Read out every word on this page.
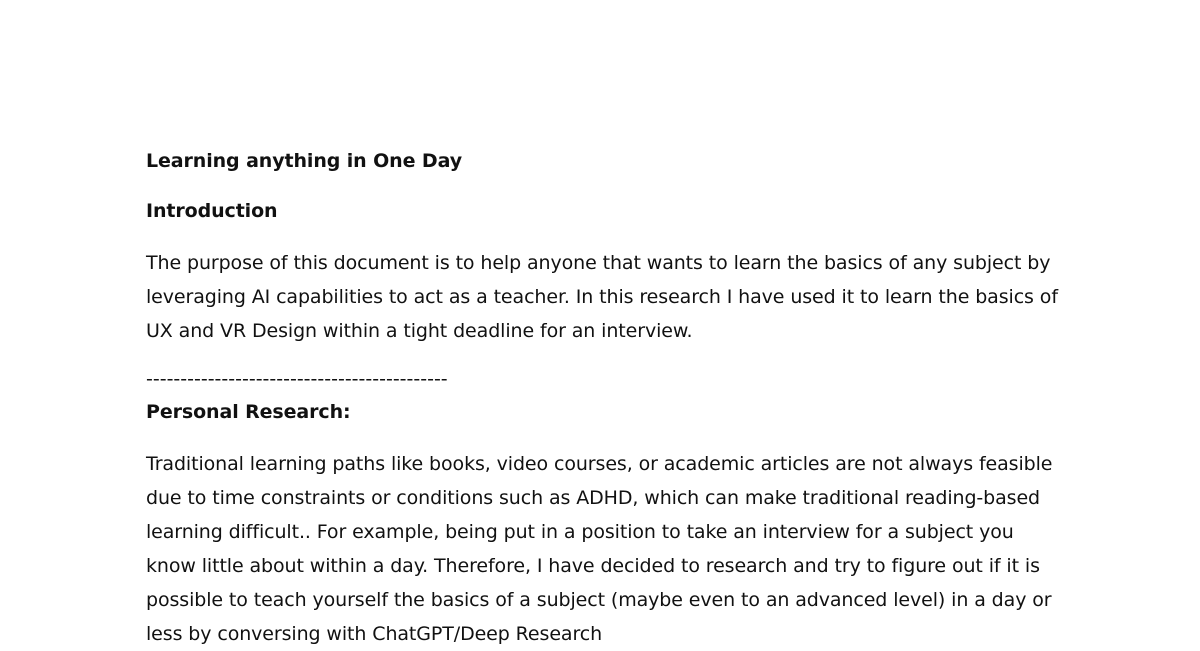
Learning anything in One Day

Introduction

The purpose of this document is to help anyone that wants to learn the basics of any subject by leveraging AI capabilities to act as a teacher. In this research I have used it to learn the basics of UX and VR Design within a tight deadline for an interview.

--------------------------------------------

Personal Research:

Traditional learning paths like books, video courses, or academic articles are not always feasible due to time constraints or conditions such as ADHD, which can make traditional reading-based learning difficult.. For example, being put in a position to take an interview for a subject you know little about within a day. Therefore, I have decided to research and try to figure out if it is possible to teach yourself the basics of a subject (maybe even to an advanced level) in a day or less by conversing with ChatGPT/Deep Research
